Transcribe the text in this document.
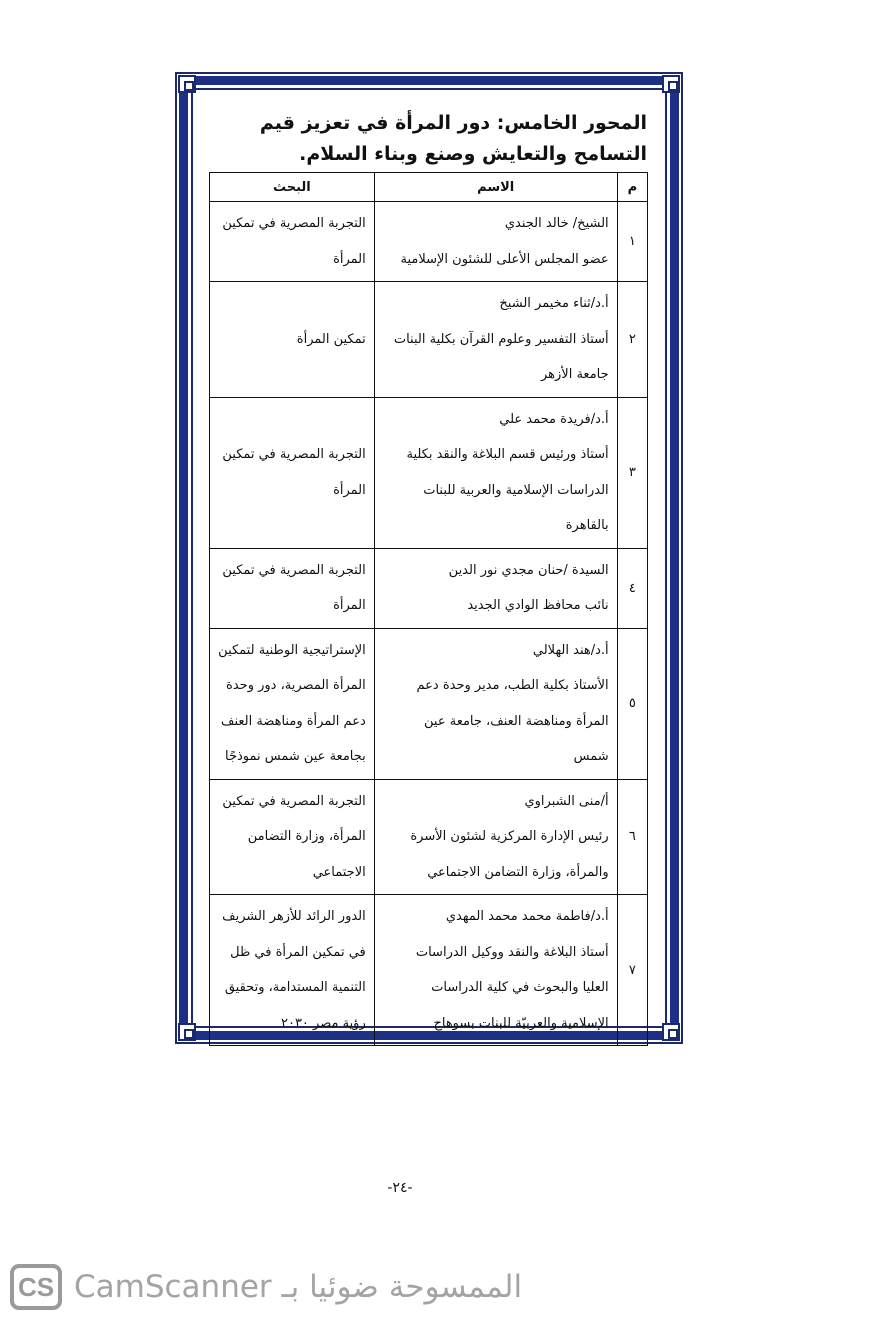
المحور الخامس: دور المرأة في تعزيز قيم التسامح والتعايش وصنع وبناء السلام.
م	الاسم	البحث
١	الشيخ/ خالد الجندي
عضو المجلس الأعلى للشئون الإسلامية	التجربة المصرية في تمكين المرأة

٢	أ.د/ثناء مخيمر الشيخ
أستاذ التفسير وعلوم القرآن بكلية البنات
جامعة الأزهر	تمكين المرأة

٣	أ.د/فريدة محمد علي
أستاذ ورئيس قسم البلاغة والنقد بكلية
الدراسات الإسلامية والعربية للبنات
بالقاهرة	التجربة المصرية في تمكين المرأة

٤	السيدة /حنان مجدي نور الدين
نائب محافظ الوادي الجديد	التجربة المصرية في تمكين المرأة

٥	أ.د/هند الهلالي
الأستاذ بكلية الطب، مدير وحدة دعم
المرأة ومناهضة العنف، جامعة عين
شمس	الإستراتيجية الوطنية لتمكين المرأة المصرية، دور وحدة دعم المرأة ومناهضة العنف بجامعة عين شمس نموذجًا

٦	أ/منى الشبراوي
رئيس الإدارة المركزية لشئون الأسرة
والمرأة، وزارة التضامن الاجتماعي	التجربة المصرية في تمكين المرأة، وزارة التضامن الاجتماعي

٧	أ.د/فاطمة محمد محمد المهدي
أستاذ البلاغة والنقد ووكيل الدراسات
العليا والبحوث في كلية الدراسات
الإسلامية والعربيّة للبنات بسوهاج	الدور الرائد للأزهر الشريف في تمكين المرأة في ظل التنمية المستدامة، وتحقيق رؤية مصر ٢٠٣٠
-٢٤-
CS الممسوحة ضوئيا بـ CamScanner
